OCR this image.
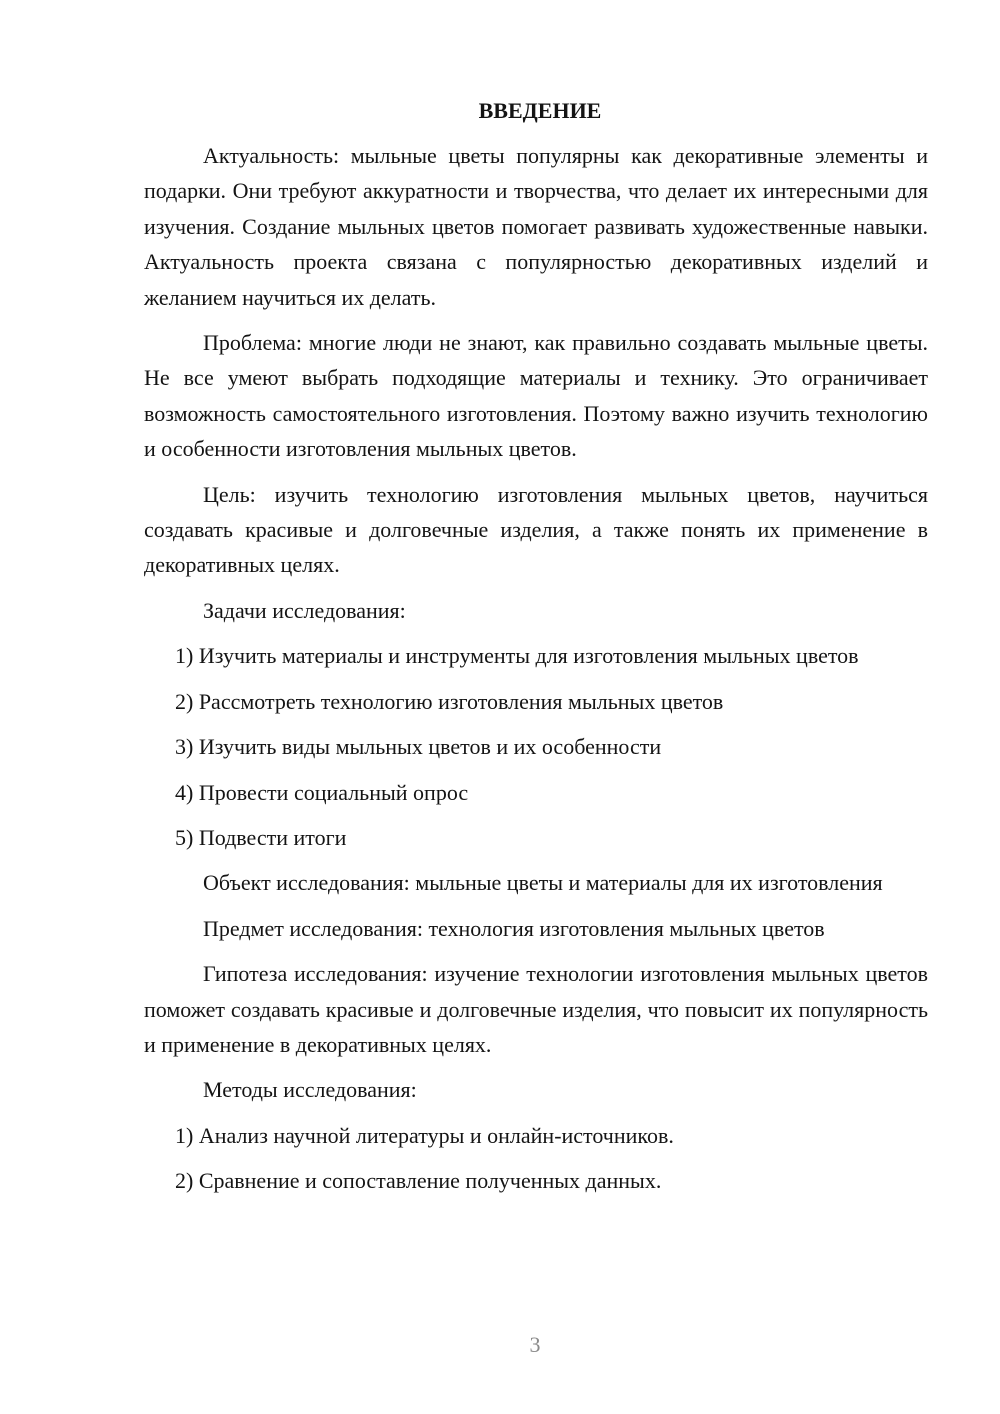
ВВЕДЕНИЕ

Актуальность: мыльные цветы популярны как декоративные элементы и подарки. Они требуют аккуратности и творчества, что делает их интересными для изучения. Создание мыльных цветов помогает развивать художественные навыки. Актуальность проекта связана с популярностью декоративных изделий и желанием научиться их делать.

Проблема: многие люди не знают, как правильно создавать мыльные цветы. Не все умеют выбрать подходящие материалы и технику. Это ограничивает возможность самостоятельного изготовления. Поэтому важно изучить технологию и особенности изготовления мыльных цветов.

Цель: изучить технологию изготовления мыльных цветов, научиться создавать красивые и долговечные изделия, а также понять их применение в декоративных целях.

Задачи исследования:

1) Изучить материалы и инструменты для изготовления мыльных цветов

2) Рассмотреть технологию изготовления мыльных цветов

3) Изучить виды мыльных цветов и их особенности

4) Провести социальный опрос

5) Подвести итоги

Объект исследования: мыльные цветы и материалы для их изготовления

Предмет исследования: технология изготовления мыльных цветов

Гипотеза исследования: изучение технологии изготовления мыльных цветов поможет создавать красивые и долговечные изделия, что повысит их популярность и применение в декоративных целях.

Методы исследования:

1) Анализ научной литературы и онлайн-источников.

2) Сравнение и сопоставление полученных данных.

3
